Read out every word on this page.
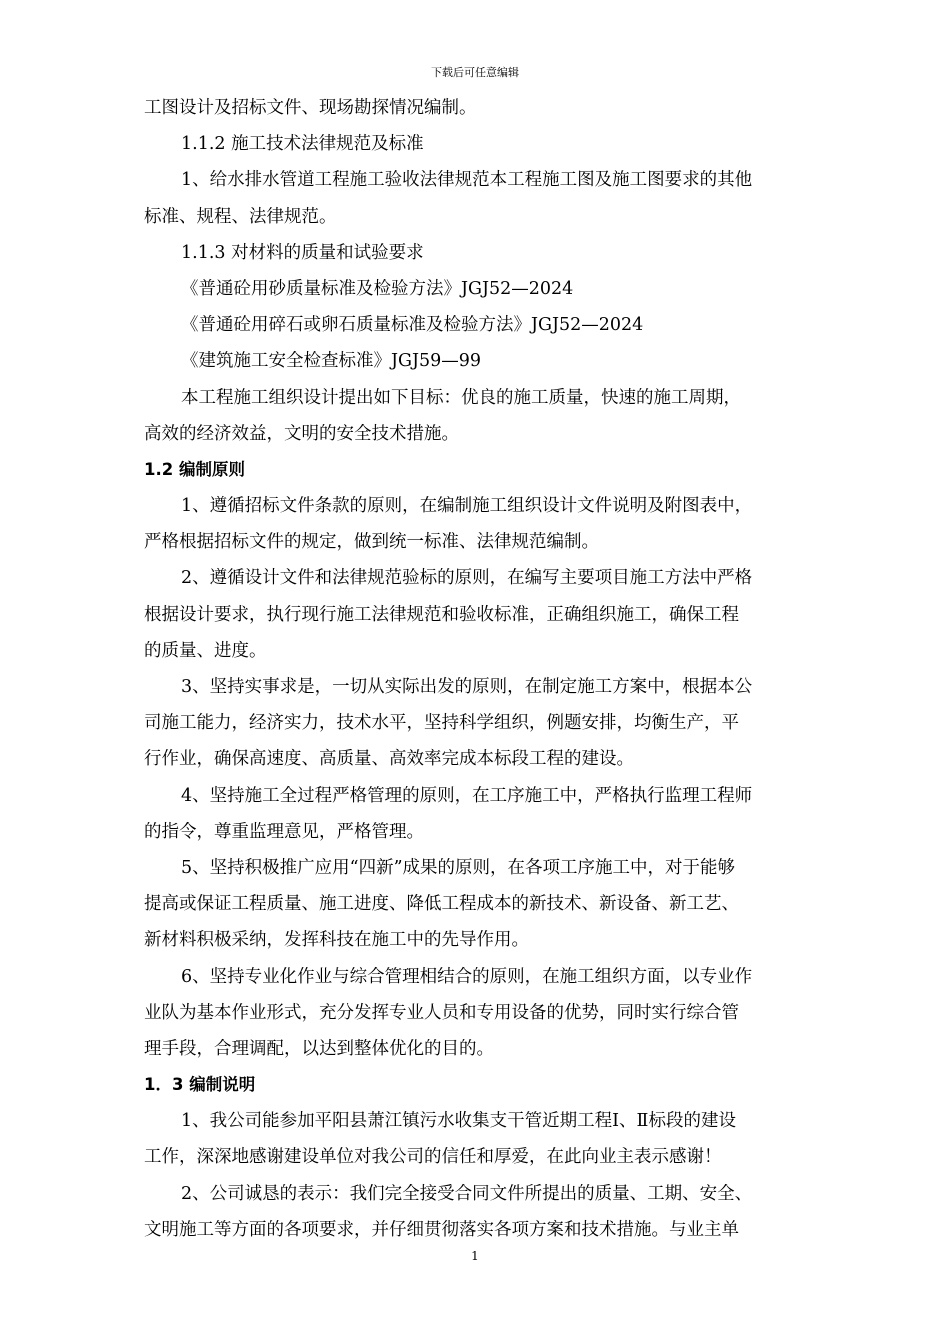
下载后可任意编辑
工图设计及招标文件、现场勘探情况编制。
1.1.2 施工技术法律规范及标准
1、给水排水管道工程施工验收法律规范本工程施工图及施工图要求的其他
标准、规程、法律规范。
1.1.3 对材料的质量和试验要求
《普通砼用砂质量标准及检验方法》JGJ52—2024
《普通砼用碎石或卵石质量标准及检验方法》JGJ52—2024
《建筑施工安全检查标准》JGJ59—99
本工程施工组织设计提出如下目标：优良的施工质量，快速的施工周期，
高效的经济效益，文明的安全技术措施。
1.2 编制原则
1、遵循招标文件条款的原则，在编制施工组织设计文件说明及附图表中，
严格根据招标文件的规定，做到统一标准、法律规范编制。
2、遵循设计文件和法律规范验标的原则，在编写主要项目施工方法中严格
根据设计要求，执行现行施工法律规范和验收标准，正确组织施工，确保工程
的质量、进度。
3、坚持实事求是，一切从实际出发的原则，在制定施工方案中，根据本公
司施工能力，经济实力，技术水平，坚持科学组织，例题安排，均衡生产，平
行作业，确保高速度、高质量、高效率完成本标段工程的建设。
4、坚持施工全过程严格管理的原则，在工序施工中，严格执行监理工程师
的指令，尊重监理意见，严格管理。
5、坚持积极推广应用“四新”成果的原则，在各项工序施工中，对于能够
提高或保证工程质量、施工进度、降低工程成本的新技术、新设备、新工艺、
新材料积极采纳，发挥科技在施工中的先导作用。
6、坚持专业化作业与综合管理相结合的原则，在施工组织方面，以专业作
业队为基本作业形式，充分发挥专业人员和专用设备的优势，同时实行综合管
理手段，合理调配，以达到整体优化的目的。
1．3 编制说明
1、我公司能参加平阳县萧江镇污水收集支干管近期工程Ⅰ、Ⅱ标段的建设
工作，深深地感谢建设单位对我公司的信任和厚爱，在此向业主表示感谢！
2、公司诚恳的表示：我们完全接受合同文件所提出的质量、工期、安全、
文明施工等方面的各项要求，并仔细贯彻落实各项方案和技术措施。与业主单
1
